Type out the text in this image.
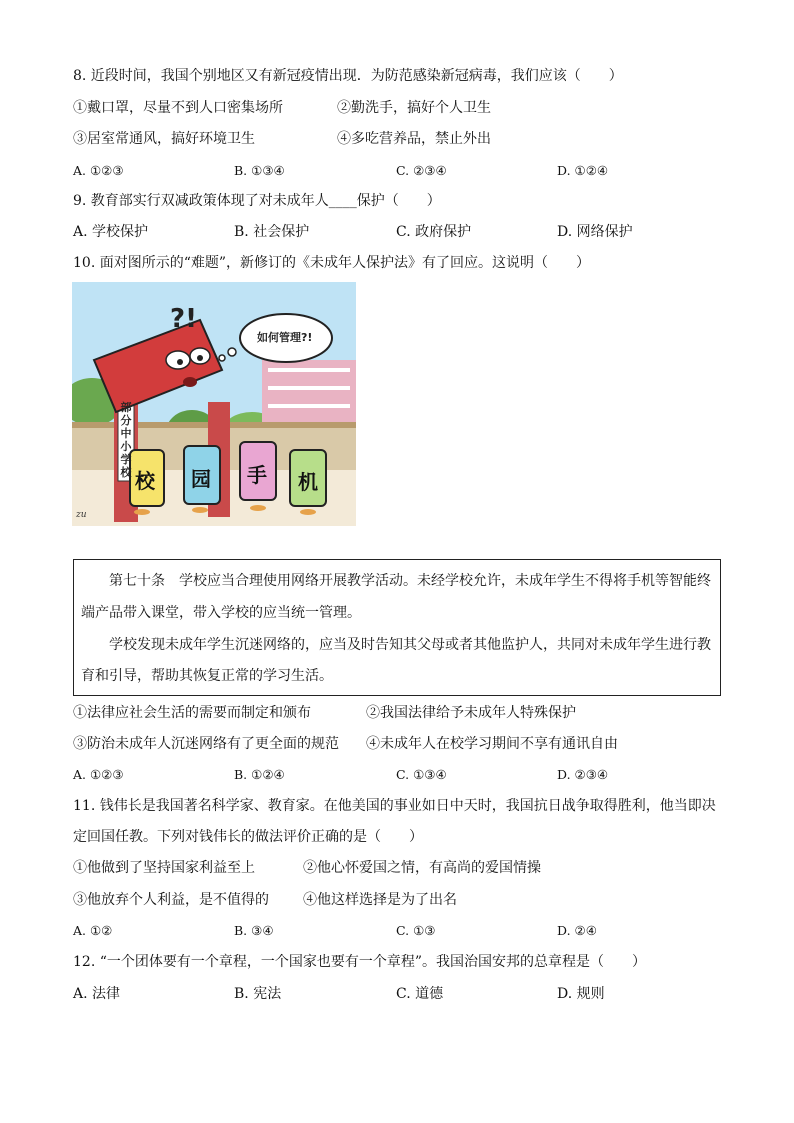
8. 近段时间，我国个别地区又有新冠疫情出现．为防范感染新冠病毒，我们应该（　　）
①戴口罩，尽量不到人口密集场所	②勤洗手，搞好个人卫生
③居室常通风，搞好环境卫生	④多吃营养品，禁止外出
A. ①②③	B. ①③④	C. ②③④	D. ①②④
9. 教育部实行双减政策体现了对未成年人____保护（　　）
A. 学校保护	B. 社会保护	C. 政府保护	D. 网络保护
10. 面对图所示的“难题”，新修订的《未成年人保护法》有了回应。这说明（　　）
?!
如何管理?!
部
分
中
小
学
校 校 园 手 机
zu

第七十条　学校应当合理使用网络开展教学活动。未经学校允许，未成年学生不得将手机等智能终

端产品带入课堂，带入学校的应当统一管理。

学校发现未成年学生沉迷网络的，应当及时告知其父母或者其他监护人，共同对未成年学生进行教

育和引导，帮助其恢复正常的学习生活。

①法律应社会生活的需要而制定和颁布	②我国法律给予未成年人特殊保护
③防治未成年人沉迷网络有了更全面的规范 ④未成年人在校学习期间不享有通讯自由
A. ①②③	B. ①②④	C. ①③④	D. ②③④
11. 钱伟长是我国著名科学家、教育家。在他美国的事业如日中天时，我国抗日战争取得胜利，他当即决
定回国任教。下列对钱伟长的做法评价正确的是（　　）
①他做到了坚持国家利益至上	②他心怀爱国之情，有高尚的爱国情操
③他放弃个人利益，是不值得的 ④他这样选择是为了出名
A. ①②	B. ③④	C. ①③	D. ②④
12. “一个团体要有一个章程，一个国家也要有一个章程”。我国治国安邦的总章程是（　　）
A. 法律	B. 宪法	C. 道德	D. 规则
